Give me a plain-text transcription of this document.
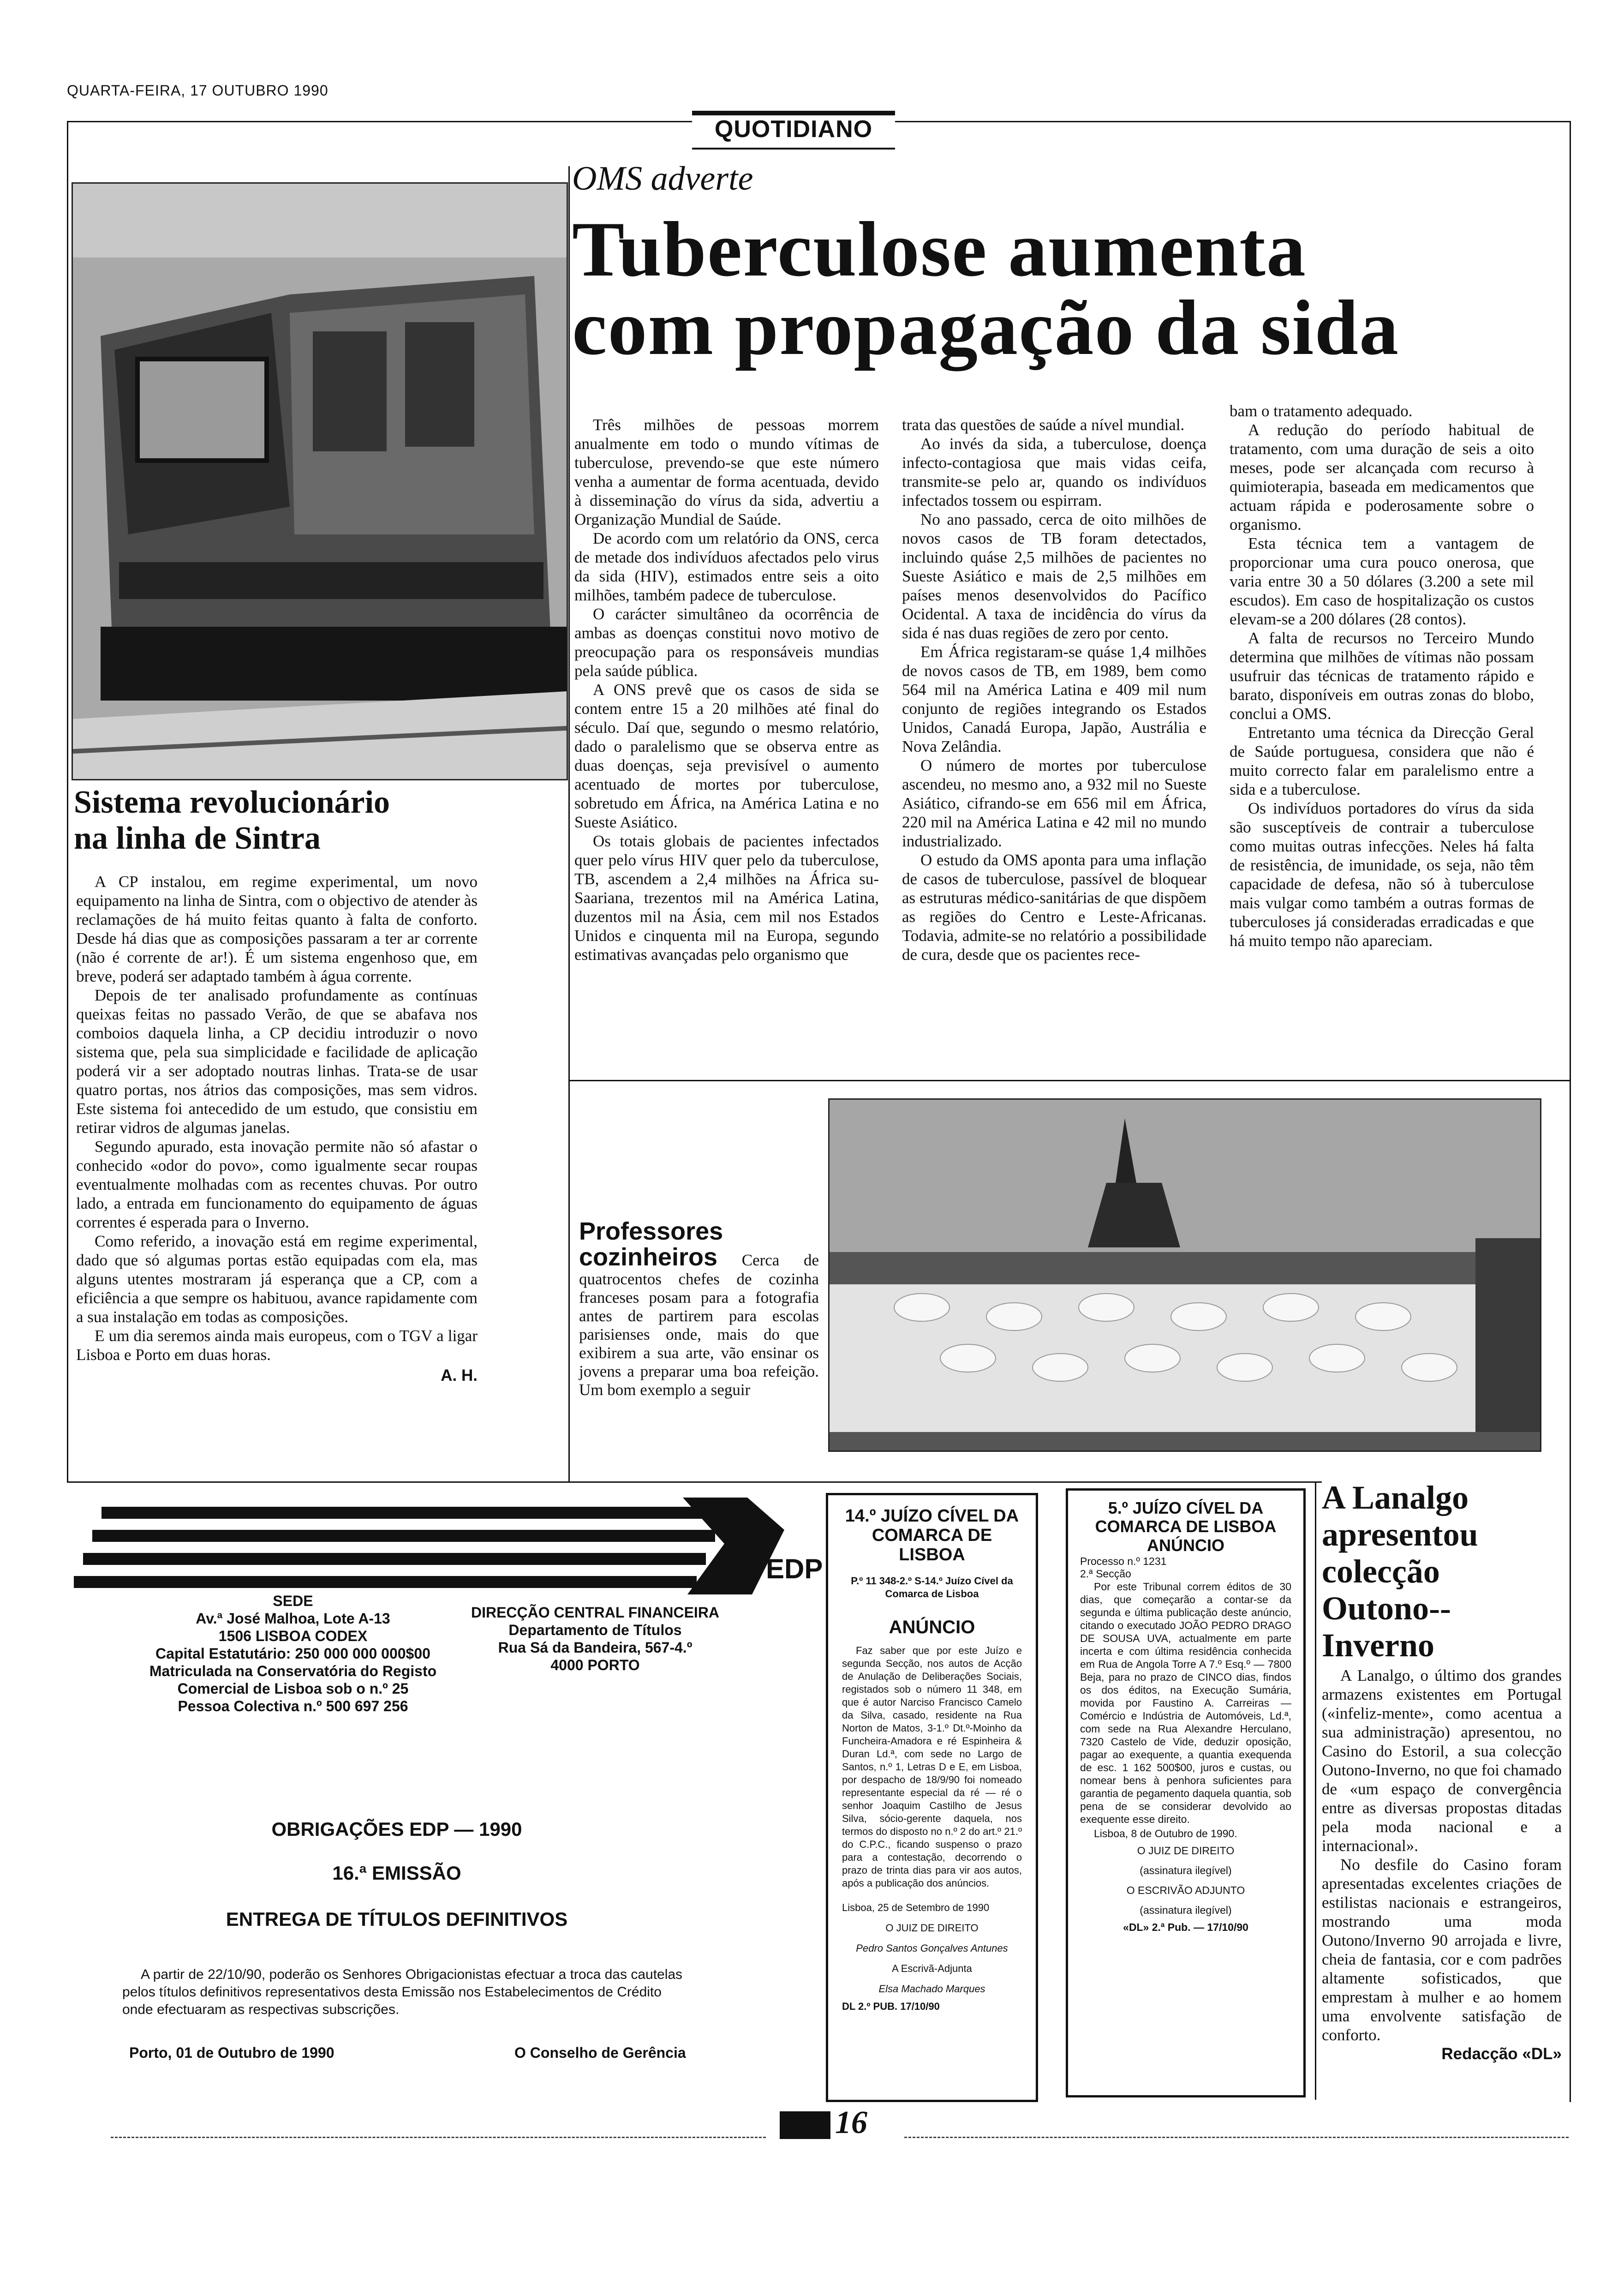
QUARTA-FEIRA, 17 OUTUBRO 1990
QUOTIDIANO
OMS adverte
Tuberculose aumenta
com propagação da sida

Três milhões de pessoas morrem anualmente em todo o mundo vítimas de tuberculose, prevendo-se que este número venha a aumentar de forma acentuada, devido à disseminação do vírus da sida, advertiu a Organização Mundial de Saúde.

De acordo com um relatório da ONS, cerca de metade dos indivíduos afectados pelo virus da sida (HIV), estimados entre seis a oito milhões, também padece de tuberculose.

O carácter simultâneo da ocorrência de ambas as doenças constitui novo motivo de preocupação para os responsáveis mundias pela saúde pública.

A ONS prevê que os casos de sida se contem entre 15 a 20 milhões até final do século. Daí que, segundo o mesmo relatório, dado o paralelismo que se observa entre as duas doenças, seja previsível o aumento acentuado de mortes por tuberculose, sobretudo em África, na América Latina e no Sueste Asiático.

Os totais globais de pacientes infectados quer pelo vírus HIV quer pelo da tuberculose, TB, ascendem a 2,4 milhões na África su-Saariana, trezentos mil na América Latina, duzentos mil na Ásia, cem mil nos Estados Unidos e cinquenta mil na Europa, segundo estimativas avançadas pelo organismo que

trata das questões de saúde a nível mundial.

Ao invés da sida, a tuberculose, doença infecto-contagiosa que mais vidas ceifa, transmite-se pelo ar, quando os indivíduos infectados tossem ou espirram.

No ano passado, cerca de oito milhões de novos casos de TB foram detectados, incluindo quáse 2,5 milhões de pacientes no Sueste Asiático e mais de 2,5 milhões em países menos desenvolvidos do Pacífico Ocidental. A taxa de incidência do vírus da sida é nas duas regiões de zero por cento.

Em África registaram-se quáse 1,4 milhões de novos casos de TB, em 1989, bem como 564 mil na América Latina e 409 mil num conjunto de regiões integrando os Estados Unidos, Canadá Europa, Japão, Austrália e Nova Zelândia.

O número de mortes por tuberculose ascendeu, no mesmo ano, a 932 mil no Sueste Asiático, cifrando-se em 656 mil em África, 220 mil na América Latina e 42 mil no mundo industrializado.

O estudo da OMS aponta para uma inflação de casos de tuberculose, passível de bloquear as estruturas médico-sanitárias de que dispõem as regiões do Centro e Leste-Africanas. Todavia, admite-se no relatório a possibilidade de cura, desde que os pacientes rece-

bam o tratamento adequado.

A redução do período habitual de tratamento, com uma duração de seis a oito meses, pode ser alcançada com recurso à quimioterapia, baseada em medicamentos que actuam rápida e poderosamente sobre o organismo.

Esta técnica tem a vantagem de proporcionar uma cura pouco onerosa, que varia entre 30 a 50 dólares (3.200 a sete mil escudos). Em caso de hospitalização os custos elevam-se a 200 dólares (28 contos).

A falta de recursos no Terceiro Mundo determina que milhões de vítimas não possam usufruir das técnicas de tratamento rápido e barato, disponíveis em outras zonas do blobo, conclui a OMS.

Entretanto uma técnica da Direcção Geral de Saúde portuguesa, considera que não é muito correcto falar em paralelismo entre a sida e a tuberculose.

Os indivíduos portadores do vírus da sida são susceptíveis de contrair a tuberculose como muitas outras infecções. Neles há falta de resistência, de imunidade, os seja, não têm capacidade de defesa, não só à tuberculose mais vulgar como também a outras formas de tuberculoses já consideradas erradicadas e que há muito tempo não apareciam.

Sistema revolucionário
na linha de Sintra

A CP instalou, em regime experimental, um novo equipamento na linha de Sintra, com o objectivo de atender às reclamações de há muito feitas quanto à falta de conforto. Desde há dias que as composições passaram a ter ar corrente (não é corrente de ar!). É um sistema engenhoso que, em breve, poderá ser adaptado também à água corrente.

Depois de ter analisado profundamente as contínuas queixas feitas no passado Verão, de que se abafava nos comboios daquela linha, a CP decidiu introduzir o novo sistema que, pela sua simplicidade e facilidade de aplicação poderá vir a ser adoptado noutras linhas. Trata-se de usar quatro portas, nos átrios das composições, mas sem vidros. Este sistema foi antecedido de um estudo, que consistiu em retirar vidros de algumas janelas.

Segundo apurado, esta inovação permite não só afastar o conhecido «odor do povo», como igualmente secar roupas eventualmente molhadas com as recentes chuvas. Por outro lado, a entrada em funcionamento do equipamento de águas correntes é esperada para o Inverno.

Como referido, a inovação está em regime experimental, dado que só algumas portas estão equipadas com ela, mas alguns utentes mostraram já esperança que a CP, com a eficiência a que sempre os habituou, avance rapidamente com a sua instalação em todas as composições.

E um dia seremos ainda mais europeus, com o TGV a ligar Lisboa e Porto em duas horas.

A. H.
Professores cozinheiros Cerca de quatrocentos chefes de cozinha franceses posam para a fotografia antes de partirem para escolas parisienses onde, mais do que exibirem a sua arte, vão ensinar os jovens a preparar uma boa refeição. Um bom exemplo a seguir
EDP
SEDE
Av.ª José Malhoa, Lote A-13
1506 LISBOA CODEX
Capital Estatutário: 250 000 000 000$00
Matriculada na Conservatória do Registo
Comercial de Lisboa sob o n.º 25
Pessoa Colectiva n.º 500 697 256
DIRECÇÃO CENTRAL FINANCEIRA
Departamento de Títulos
Rua Sá da Bandeira, 567-4.º
4000 PORTO
OBRIGAÇÕES EDP — 1990
16.ª EMISSÃO
ENTREGA DE TÍTULOS DEFINITIVOS
A partir de 22/10/90, poderão os Senhores Obrigacionistas efectuar a troca das cautelas pelos títulos definitivos representativos desta Emissão nos Estabelecimentos de Crédito onde efectuaram as respectivas subscrições.
Porto, 01 de Outubro de 1990	O Conselho de Gerência
14.º JUÍZO CÍVEL DA COMARCA DE LISBOA
P.º 11 348-2.º S-14.º Juízo Cível da Comarca de Lisboa
ANÚNCIO

Faz saber que por este Juízo e segunda Secção, nos autos de Acção de Anulação de Deliberações Sociais, registados sob o número 11 348, em que é autor Narciso Francisco Camelo da Silva, casado, residente na Rua Norton de Matos, 3-1.º Dt.º-Moinho da Funcheira-Amadora e ré Espinheira & Duran Ld.ª, com sede no Largo de Santos, n.º 1, Letras D e E, em Lisboa, por despacho de 18/9/90 foi nomeado representante especial da ré — ré o senhor Joaquim Castilho de Jesus Silva, sócio-gerente daquela, nos termos do disposto no n.º 2 do art.º 21.º do C.P.C., ficando suspenso o prazo para a contestação, decorrendo o prazo de trinta dias para vir aos autos, após a publicação dos anúncios.

Lisboa, 25 de Setembro de 1990
O JUIZ DE DIREITO
Pedro Santos Gonçalves Antunes
A Escrivã-Adjunta
Elsa Machado Marques
DL 2.º PUB. 17/10/90
5.º JUÍZO CÍVEL DA COMARCA DE LISBOA
ANÚNCIO
Processo n.º 1231
2.ª Secção

Por este Tribunal correm éditos de 30 dias, que começarão a contar-se da segunda e última publicação deste anúncio, citando o executado JOÃO PEDRO DRAGO DE SOUSA UVA, actualmente em parte incerta e com última residência conhecida em Rua de Angola Torre A 7.º Esq.º — 7800 Beja, para no prazo de CINCO dias, findos os dos éditos, na Execução Sumária, movida por Faustino A. Carreiras — Comércio e Indústria de Automóveis, Ld.ª, com sede na Rua Alexandre Herculano, 7320 Castelo de Vide, deduzir oposição, pagar ao exequente, a quantia exequenda de esc. 1 162 500$00, juros e custas, ou nomear bens à penhora suficientes para garantia de pegamento daquela quantia, sob pena de se considerar devolvido ao exequente esse direito.

Lisboa, 8 de Outubro de 1990.
O JUIZ DE DIREITO
(assinatura ilegível)
O ESCRIVÃO ADJUNTO
(assinatura ilegível)
«DL» 2.ª Pub. — 17/10/90
A Lanalgo apresentou colecção Outono--Inverno

A Lanalgo, o último dos grandes armazens existentes em Portugal («infeliz-mente», como acentua a sua administração) apresentou, no Casino do Estoril, a sua colecção Outono-Inverno, no que foi chamado de «um espaço de convergência entre as diversas propostas ditadas pela moda nacional e a internacional».

No desfile do Casino foram apresentadas excelentes criações de estilistas nacionais e estrangeiros, mostrando uma moda Outono/Inverno 90 arrojada e livre, cheia de fantasia, cor e com padrões altamente sofisticados, que emprestam à mulher e ao homem uma envolvente satisfação de conforto.

Redacção «DL»
16
